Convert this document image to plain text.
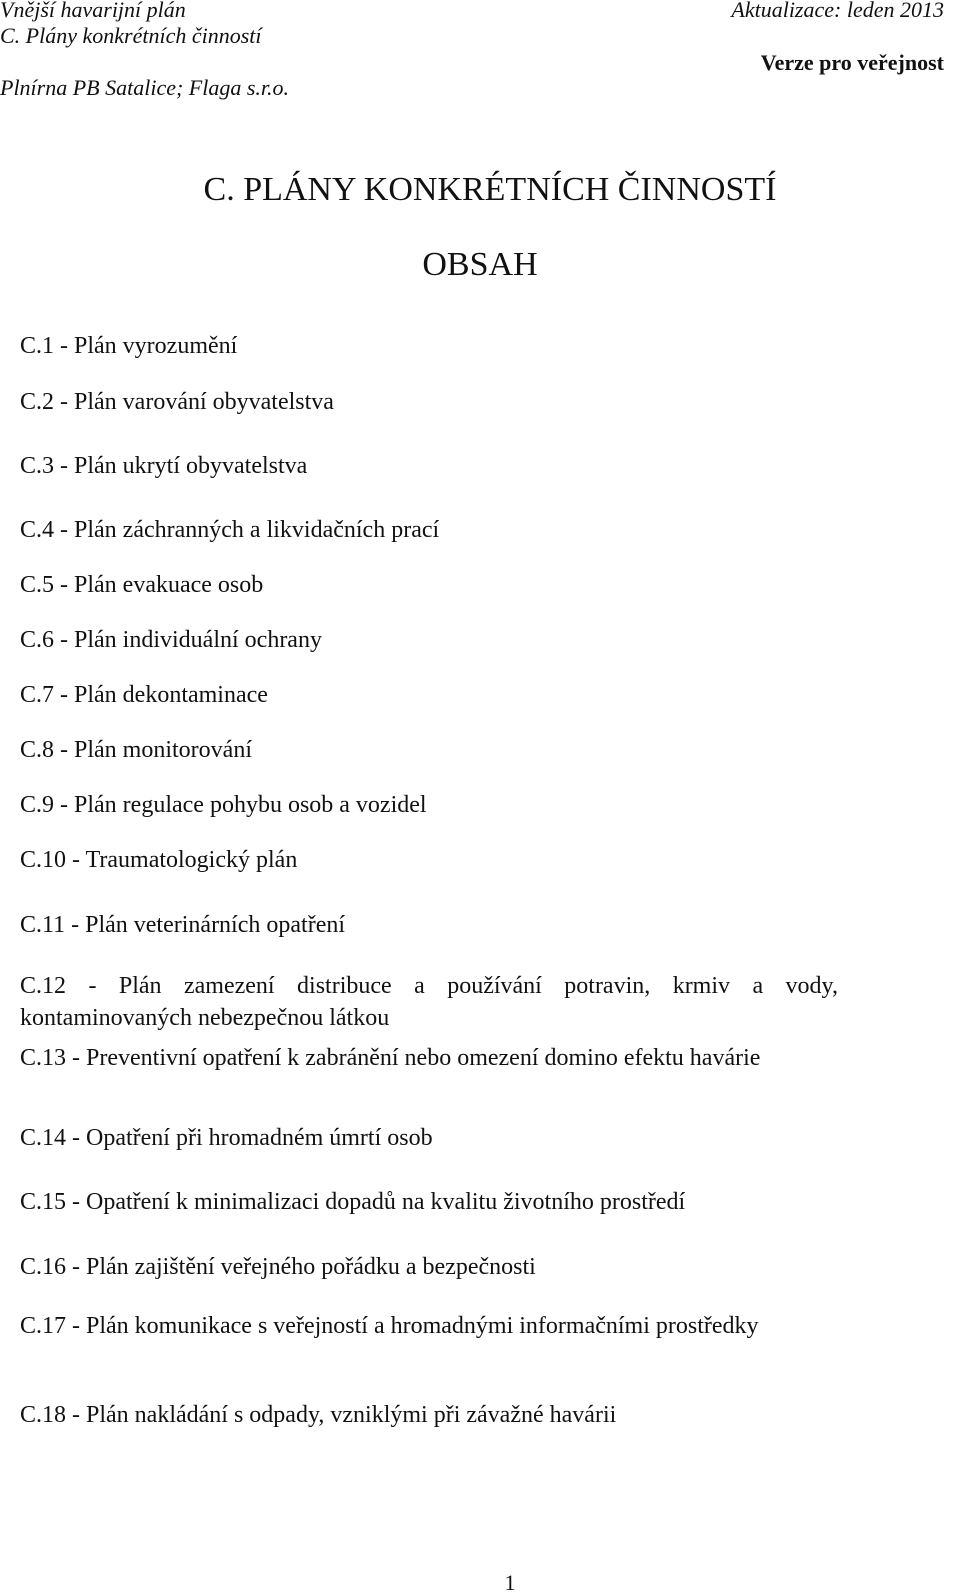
Vnější havarijní plán
C. Plány konkrétních činností
Plnírna PB Satalice; Flaga s.r.o.
Aktualizace: leden 2013
Verze pro veřejnost
C. PLÁNY KONKRÉTNÍCH ČINNOSTÍ
OBSAH
C.1 - Plán vyrozumění
C.2 - Plán varování obyvatelstva
C.3 - Plán ukrytí obyvatelstva
C.4 - Plán záchranných a likvidačních prací
C.5 - Plán evakuace osob
C.6 - Plán individuální ochrany
C.7 - Plán dekontaminace
C.8 - Plán monitorování
C.9 - Plán regulace pohybu osob a vozidel
C.10 - Traumatologický plán
C.11 - Plán veterinárních opatření
C.12 - Plán zamezení distribuce a používání potravin, krmiv a vody, kontaminovaných nebezpečnou látkou
C.13 - Preventivní opatření k zabránění nebo omezení domino efektu havárie
C.14 - Opatření při hromadném úmrtí osob
C.15 - Opatření k minimalizaci dopadů na kvalitu životního prostředí
C.16 - Plán zajištění veřejného pořádku a bezpečnosti
C.17 - Plán komunikace s veřejností a hromadnými informačními prostředky
C.18 - Plán nakládání s odpady, vzniklými při závažné havárii
1
